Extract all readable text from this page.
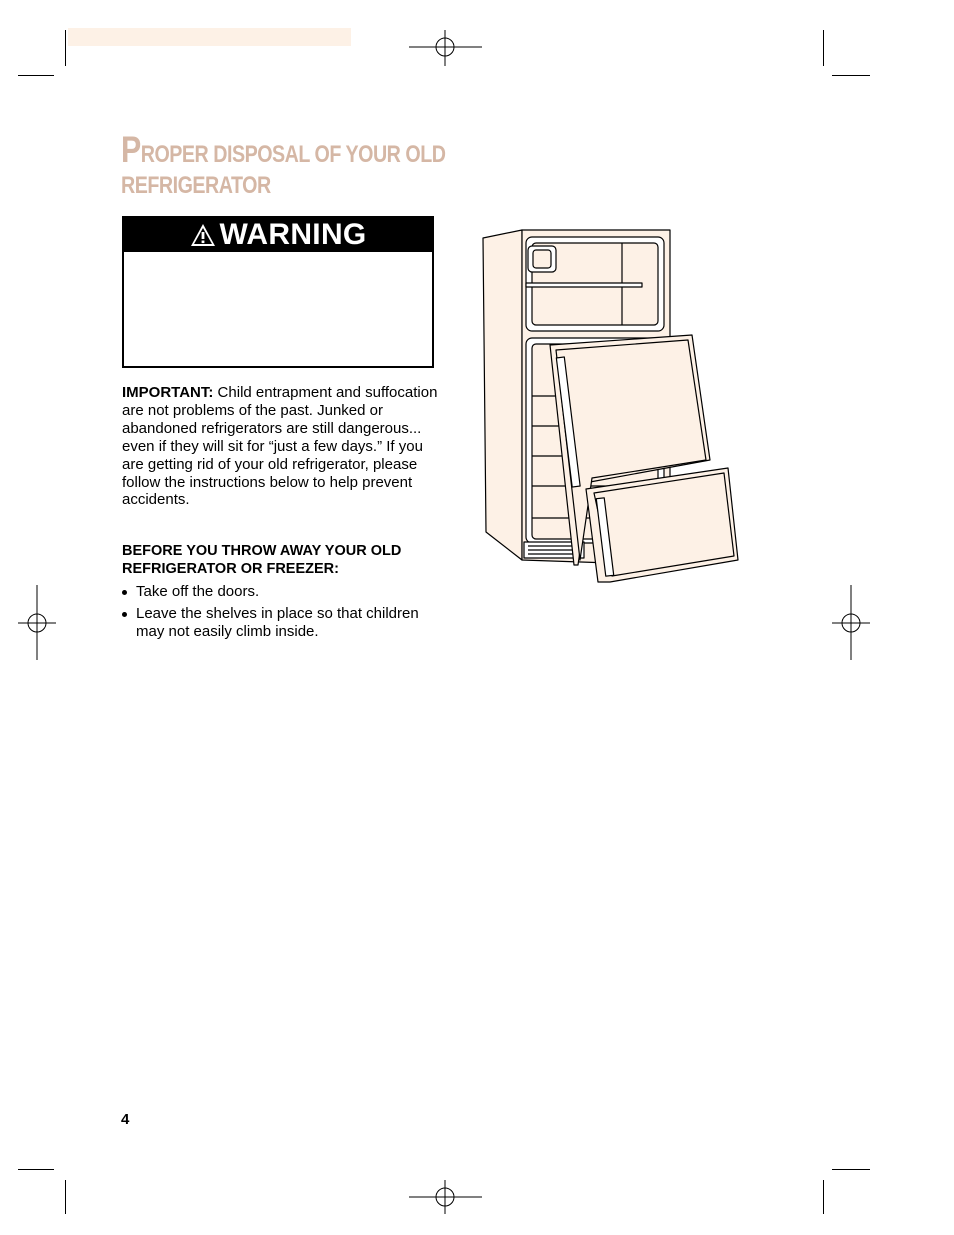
PROPER DISPOSAL OF YOUR OLD
REFRIGERATOR
WARNING
IMPORTANT: Child entrapment and suffocation are not problems of the past. Junked or abandoned refrigerators are still dangerous... even if they will sit for “just a few days.” If you are getting rid of your old refrigerator, please follow the instructions below to help prevent accidents.
BEFORE YOU THROW AWAY YOUR OLD REFRIGERATOR OR FREEZER:
Take off the doors.
Leave the shelves in place so that children may not easily climb inside.
4
